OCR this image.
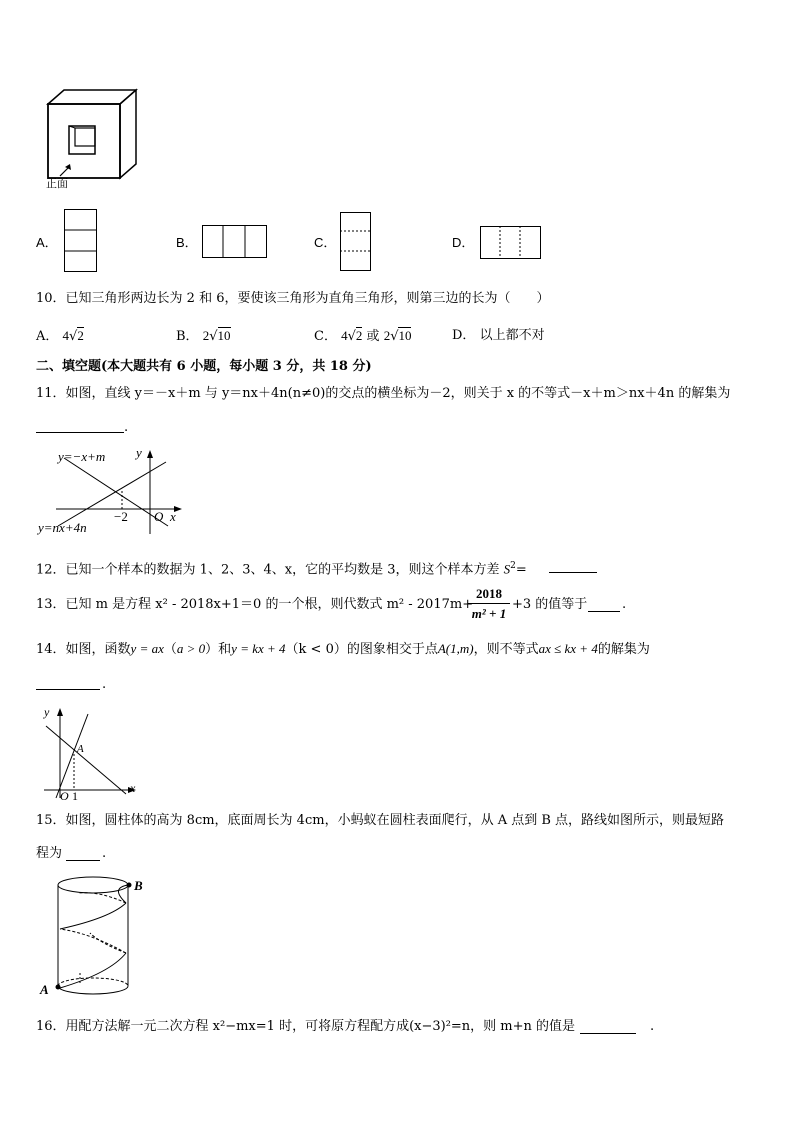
正面
A．	B．	C．	D．
10．已知三角形两边长为 2 和 6，要使该三角形为直角三角形，则第三边的长为（　　）
A． 4√2	B． 2√10	C． 4√2 或 2√10	D． 以上都不对
二、填空题(本大题共有 6 小题，每小题 3 分，共 18 分)
11．如图，直线 y＝－x＋m 与 y＝nx＋4n(n≠0)的交点的横坐标为－2，则关于 x 的不等式－x＋m＞nx＋4n 的解集为
.
y=−x+m
y=nx+4n
y
x
O
−2
12．已知一个样本的数据为 1、2、3、4、x，它的平均数是 3，则这个样本方差 $S^2=$
13．已知 m 是方程 x² - 2018x+1＝0 的一个根，则代数式 m² - 2017m+
2018
m² + 1
+3 的值等于	.
14．如图，函数y = ax（a > 0）和y = kx + 4（k < 0）的图象相交于点A(1,m)，则不等式ax ≤ kx + 4的解集为
.
y
x
A
O 1
15．如图，圆柱体的高为 8cm，底面周长为 4cm，小蚂蚁在圆柱表面爬行，从 A 点到 B 点，路线如图所示，则最短路
程为	.
A
B
16．用配方法解一元二次方程 x²−mx=1 时，可将原方程配方成(x−3)²=n，则 m+n 的值是	.
